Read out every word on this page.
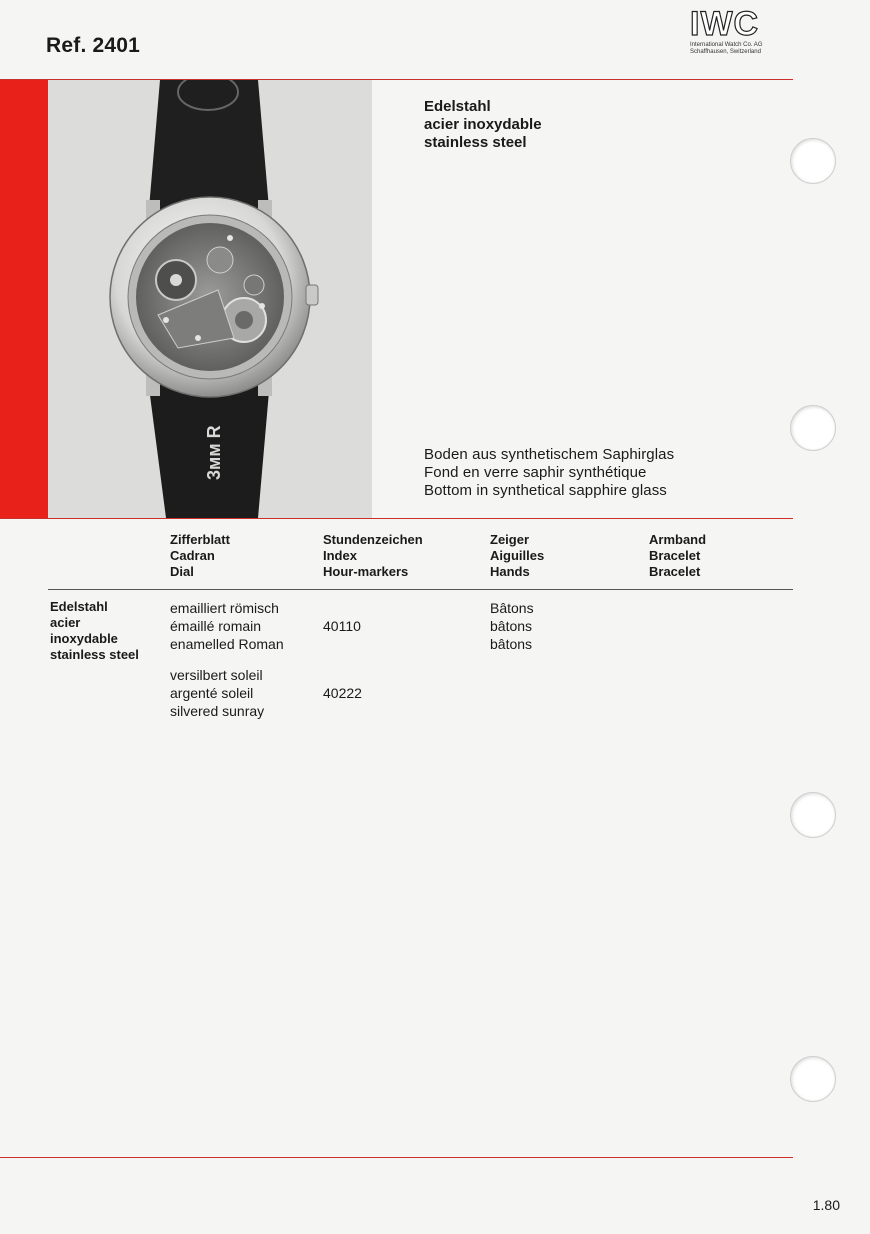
Ref. 2401
IWC
International Watch Co. AG
Schaffhausen, Switzerland
3мм R
Edelstahl
acier inoxydable
stainless steel
Boden aus synthetischem Saphirglas
Fond en verre saphir synthétique
Bottom in synthetical sapphire glass
Zifferblatt
Cadran
Dial
Stundenzeichen
Index
Hour-markers
Zeiger
Aiguilles
Hands
Armband
Bracelet
Bracelet
Edelstahl
acier
inoxydable
stainless steel
emailliert römisch
émaillé romain
enamelled Roman
40110
Bâtons
bâtons
bâtons
versilbert soleil
argenté soleil
silvered sunray
40222
1.80
